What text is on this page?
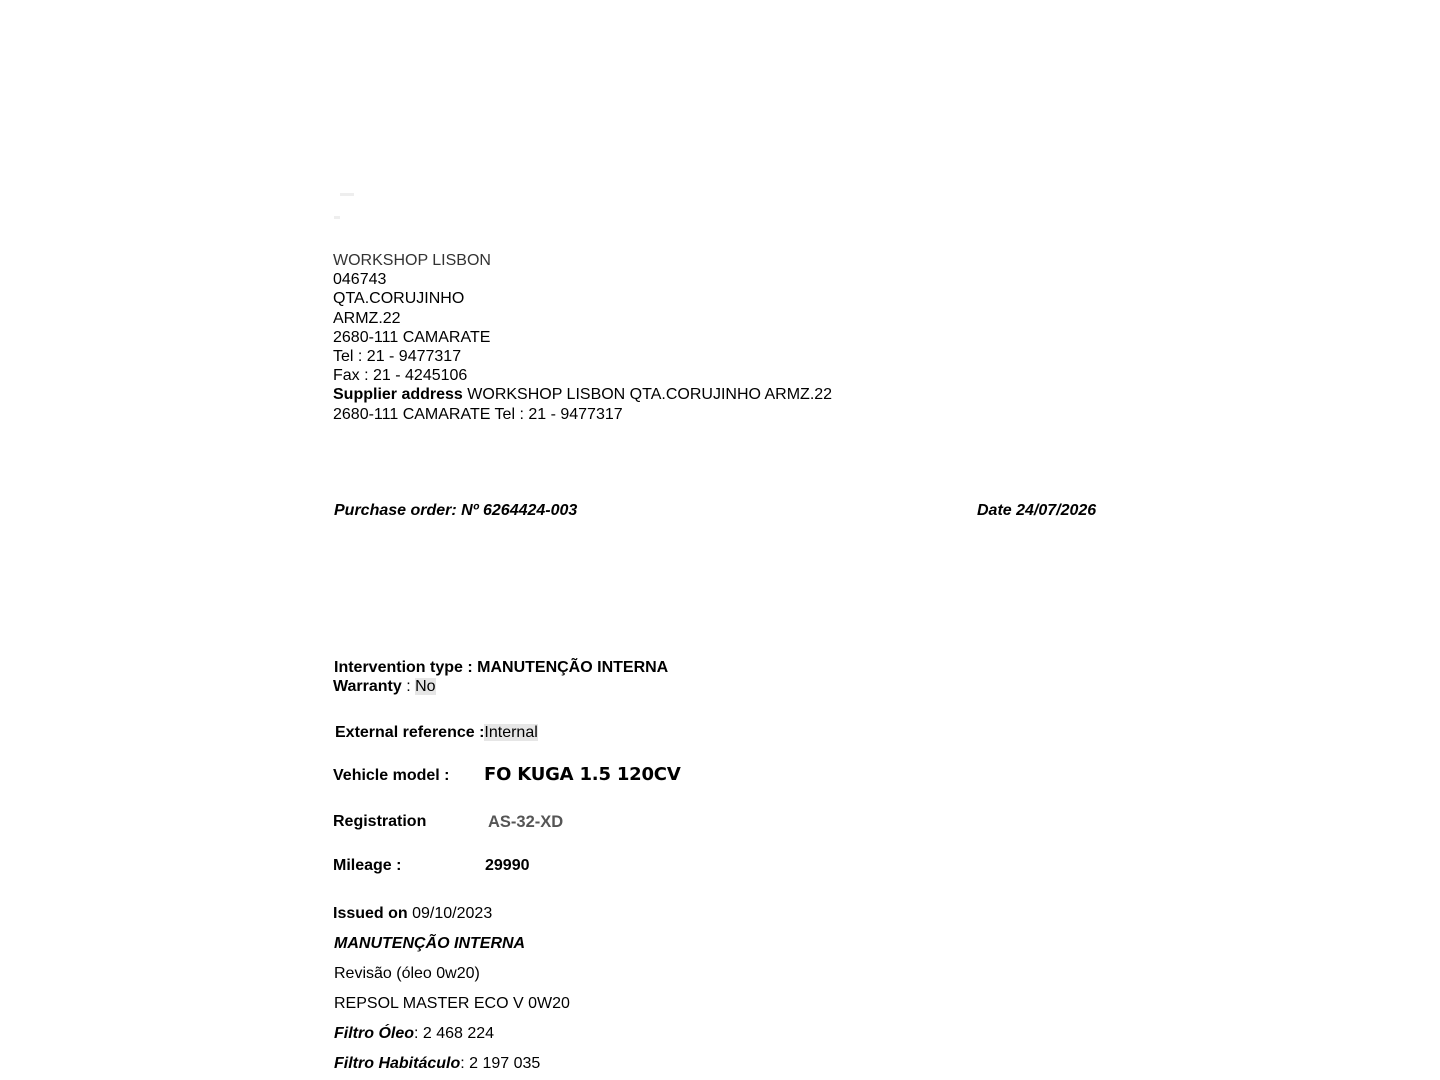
WORKSHOP LISBON
046743
QTA.CORUJINHO
ARMZ.22
2680-111 CAMARATE
Tel : 21 - 9477317
Fax : 21 - 4245106
Supplier address WORKSHOP LISBON QTA.CORUJINHO ARMZ.22
2680-111 CAMARATE Tel : 21 - 9477317
Purchase order: Nº 6264424-003	Date 24/07/2026
Intervention type : MANUTENÇÃO INTERNA
Warranty : No
External reference :Internal
Vehicle model : FO KUGA 1.5 120CV
Registration	AS-32-XD
Mileage :	29990
Issued on 09/10/2023
MANUTENÇÃO INTERNA
Revisão (óleo 0w20)
REPSOL MASTER ECO V 0W20
Filtro Óleo: 2 468 224
Filtro Habitáculo: 2 197 035
